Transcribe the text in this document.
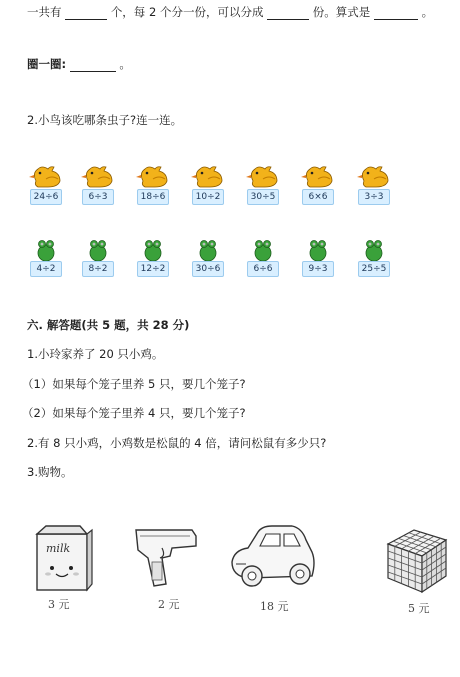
一共有	个，每 2 个分一份，可以分成	份。算式是	。
圈一圈:	。
2.小鸟该吃哪条虫子?连一连。
24÷6	6÷3	18÷6	10÷2	30÷5	6×6	3÷3
4÷2	8÷2	12÷2	30÷6	6÷6	9÷3	25÷5
六. 解答题(共 5 题，共 28 分)
1.小玲家养了 20 只小鸡。
（1）如果每个笼子里养 5 只，要几个笼子?
（2）如果每个笼子里养 4 只，要几个笼子?
2.有 8 只小鸡，小鸡数是松鼠的 4 倍，请问松鼠有多少只?
3.购物。
milk
3 元	2 元	18 元	5 元
